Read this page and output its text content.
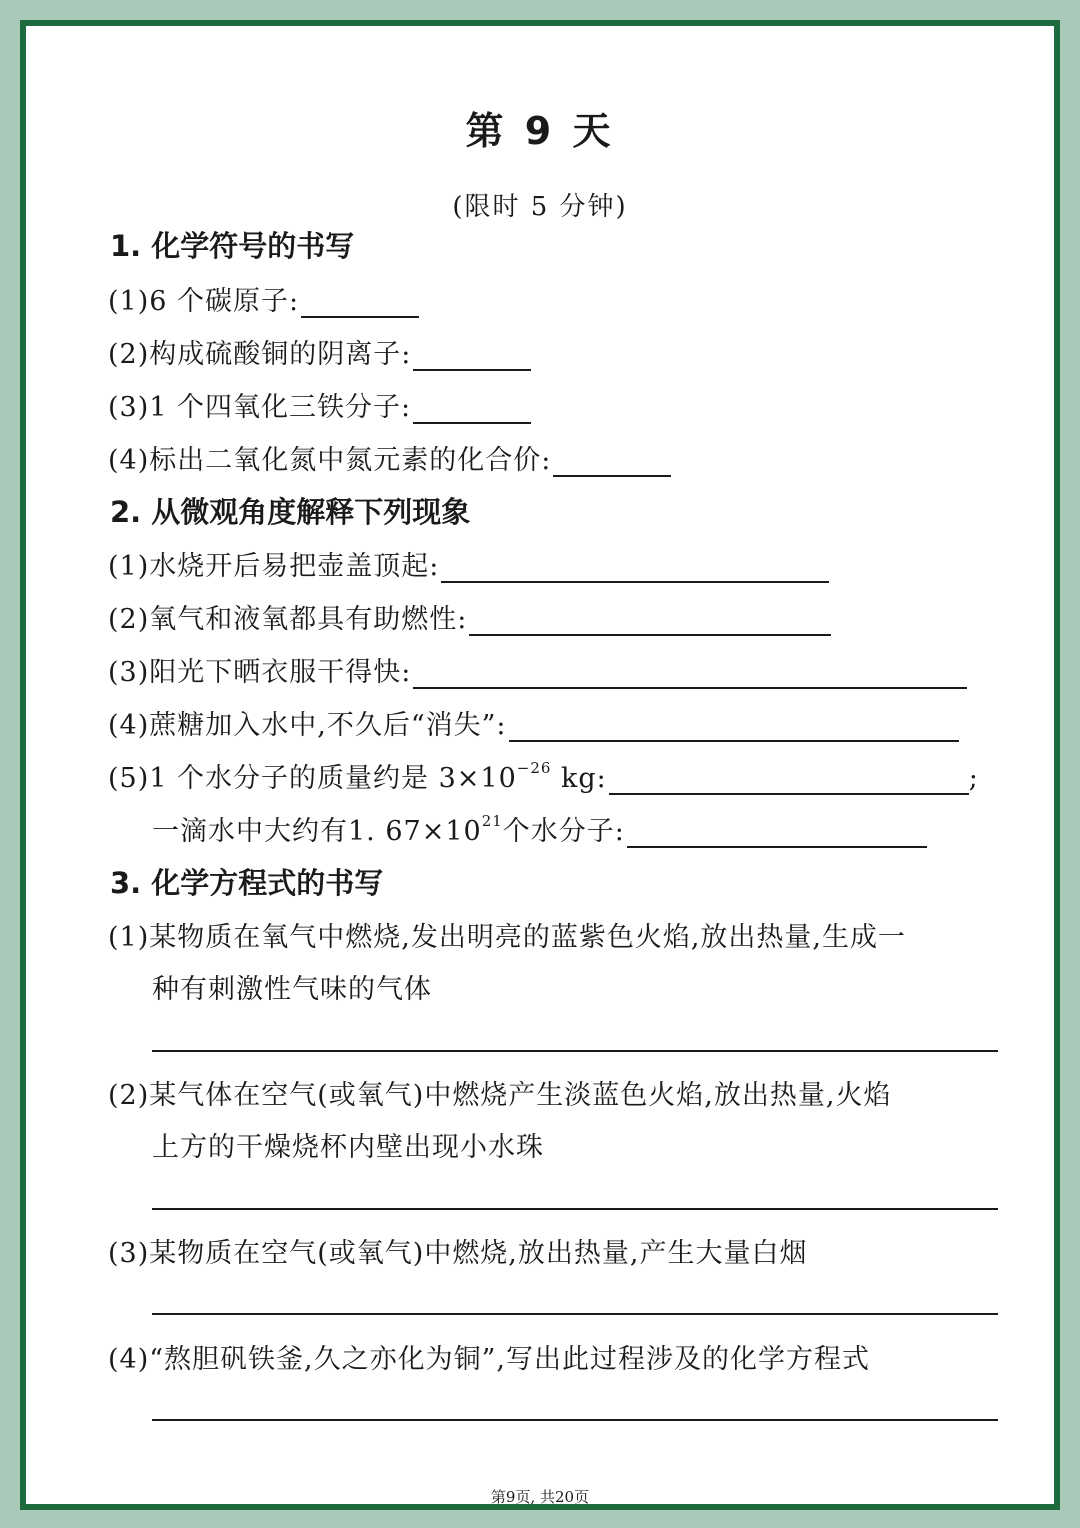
第 9 天
(限时 5 分钟)
1. 化学符号的书写
(1)6 个碳原子:
(2)构成硫酸铜的阴离子:
(3)1 个四氧化三铁分子:
(4)标出二氧化氮中氮元素的化合价:
2. 从微观角度解释下列现象
(1)水烧开后易把壶盖顶起:
(2)氧气和液氧都具有助燃性:
(3)阳光下晒衣服干得快:
(4)蔗糖加入水中,不久后“消失”:
(5)1 个水分子的质量约是 $3\times 10^{-26}$ kg:	;
一滴水中大约有1. $67\times 10^{21}$个水分子:
3. 化学方程式的书写
(1)某物质在氧气中燃烧,发出明亮的蓝紫色火焰,放出热量,生成一
种有刺激性气味的气体
(2)某气体在空气(或氧气)中燃烧产生淡蓝色火焰,放出热量,火焰
上方的干燥烧杯内壁出现小水珠
(3)某物质在空气(或氧气)中燃烧,放出热量,产生大量白烟
(4)“熬胆矾铁釜,久之亦化为铜”,写出此过程涉及的化学方程式
第9页, 共20页
